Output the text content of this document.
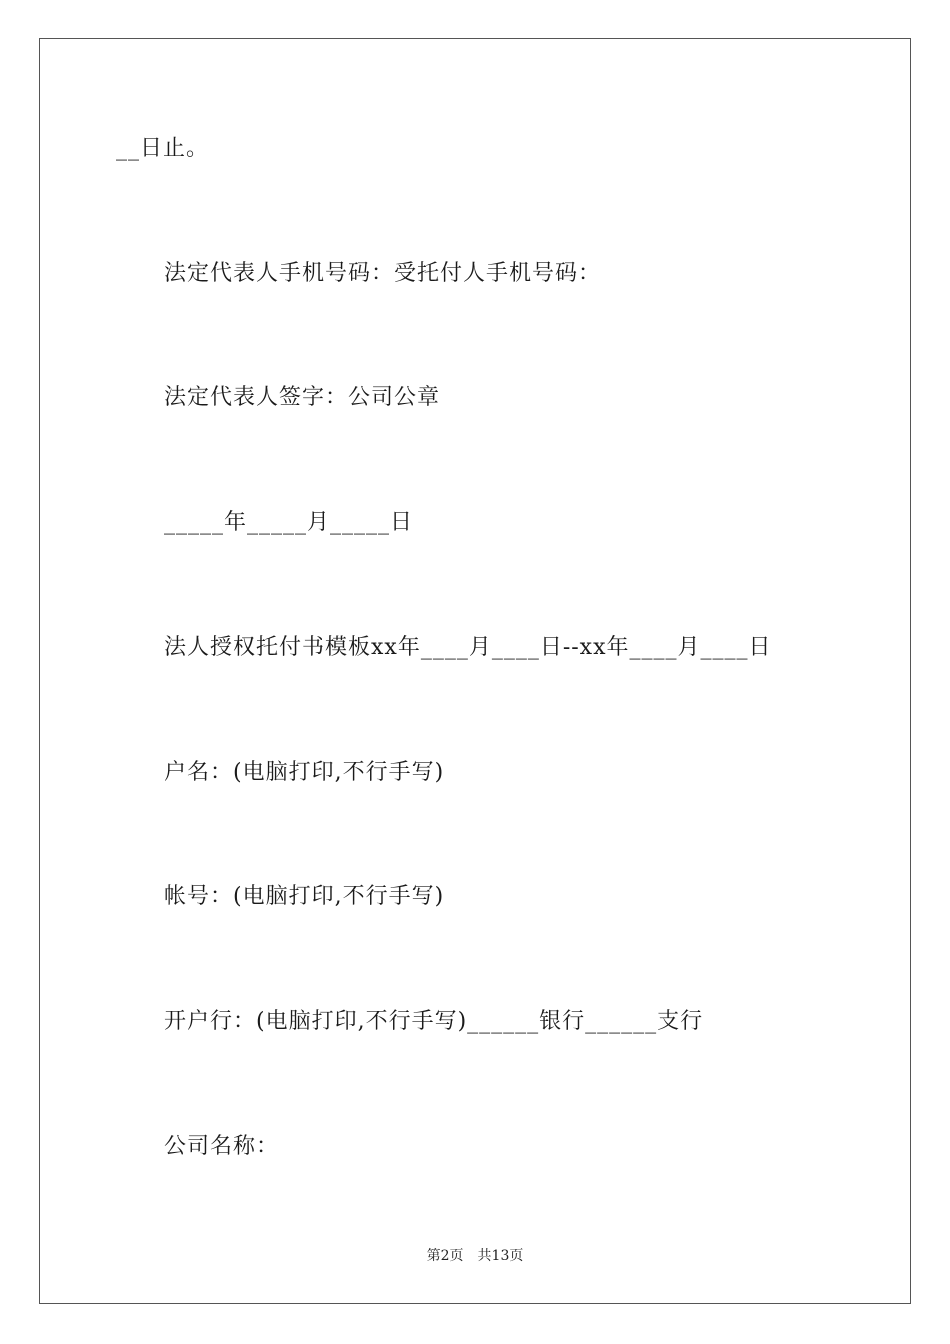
__日止。
法定代表人手机号码：受托付人手机号码：
法定代表人签字：公司公章
_____年_____月_____日
法人授权托付书模板xx年____月____日--xx年____月____日
户名：(电脑打印,不行手写)
帐号：(电脑打印,不行手写)
开户行：(电脑打印,不行手写)______银行______支行
公司名称：
第2页　共13页
